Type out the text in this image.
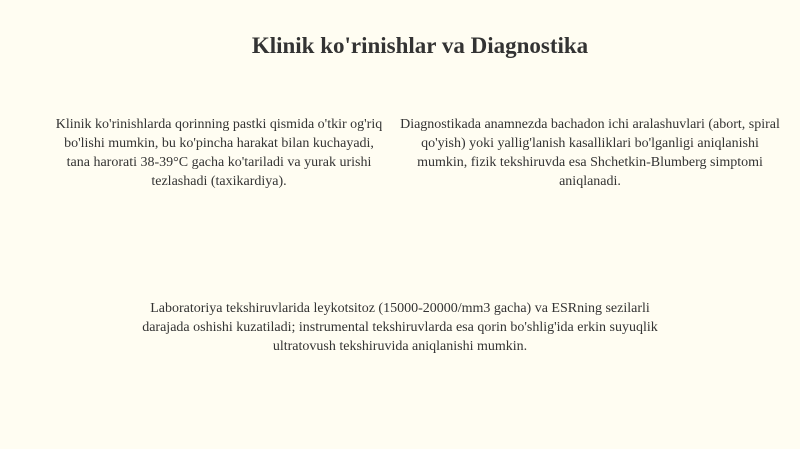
Klinik ko'rinishlar va Diagnostika

Klinik ko'rinishlarda qorinning pastki qismida o'tkir og'riq bo'lishi mumkin, bu ko'pincha harakat bilan kuchayadi, tana harorati 38-39°C gacha ko'tariladi va yurak urishi tezlashadi (taxikardiya).

Diagnostikada anamnezda bachadon ichi aralashuvlari (abort, spiral qo'yish) yoki yallig'lanish kasalliklari bo'lganligi aniqlanishi mumkin, fizik tekshiruvda esa Shchetkin-Blumberg simptomi aniqlanadi.

Laboratoriya tekshiruvlarida leykotsitoz (15000-20000/mm3 gacha) va ESRning sezilarli darajada oshishi kuzatiladi; instrumental tekshiruvlarda esa qorin bo'shlig'ida erkin suyuqlik ultratovush tekshiruvida aniqlanishi mumkin.
